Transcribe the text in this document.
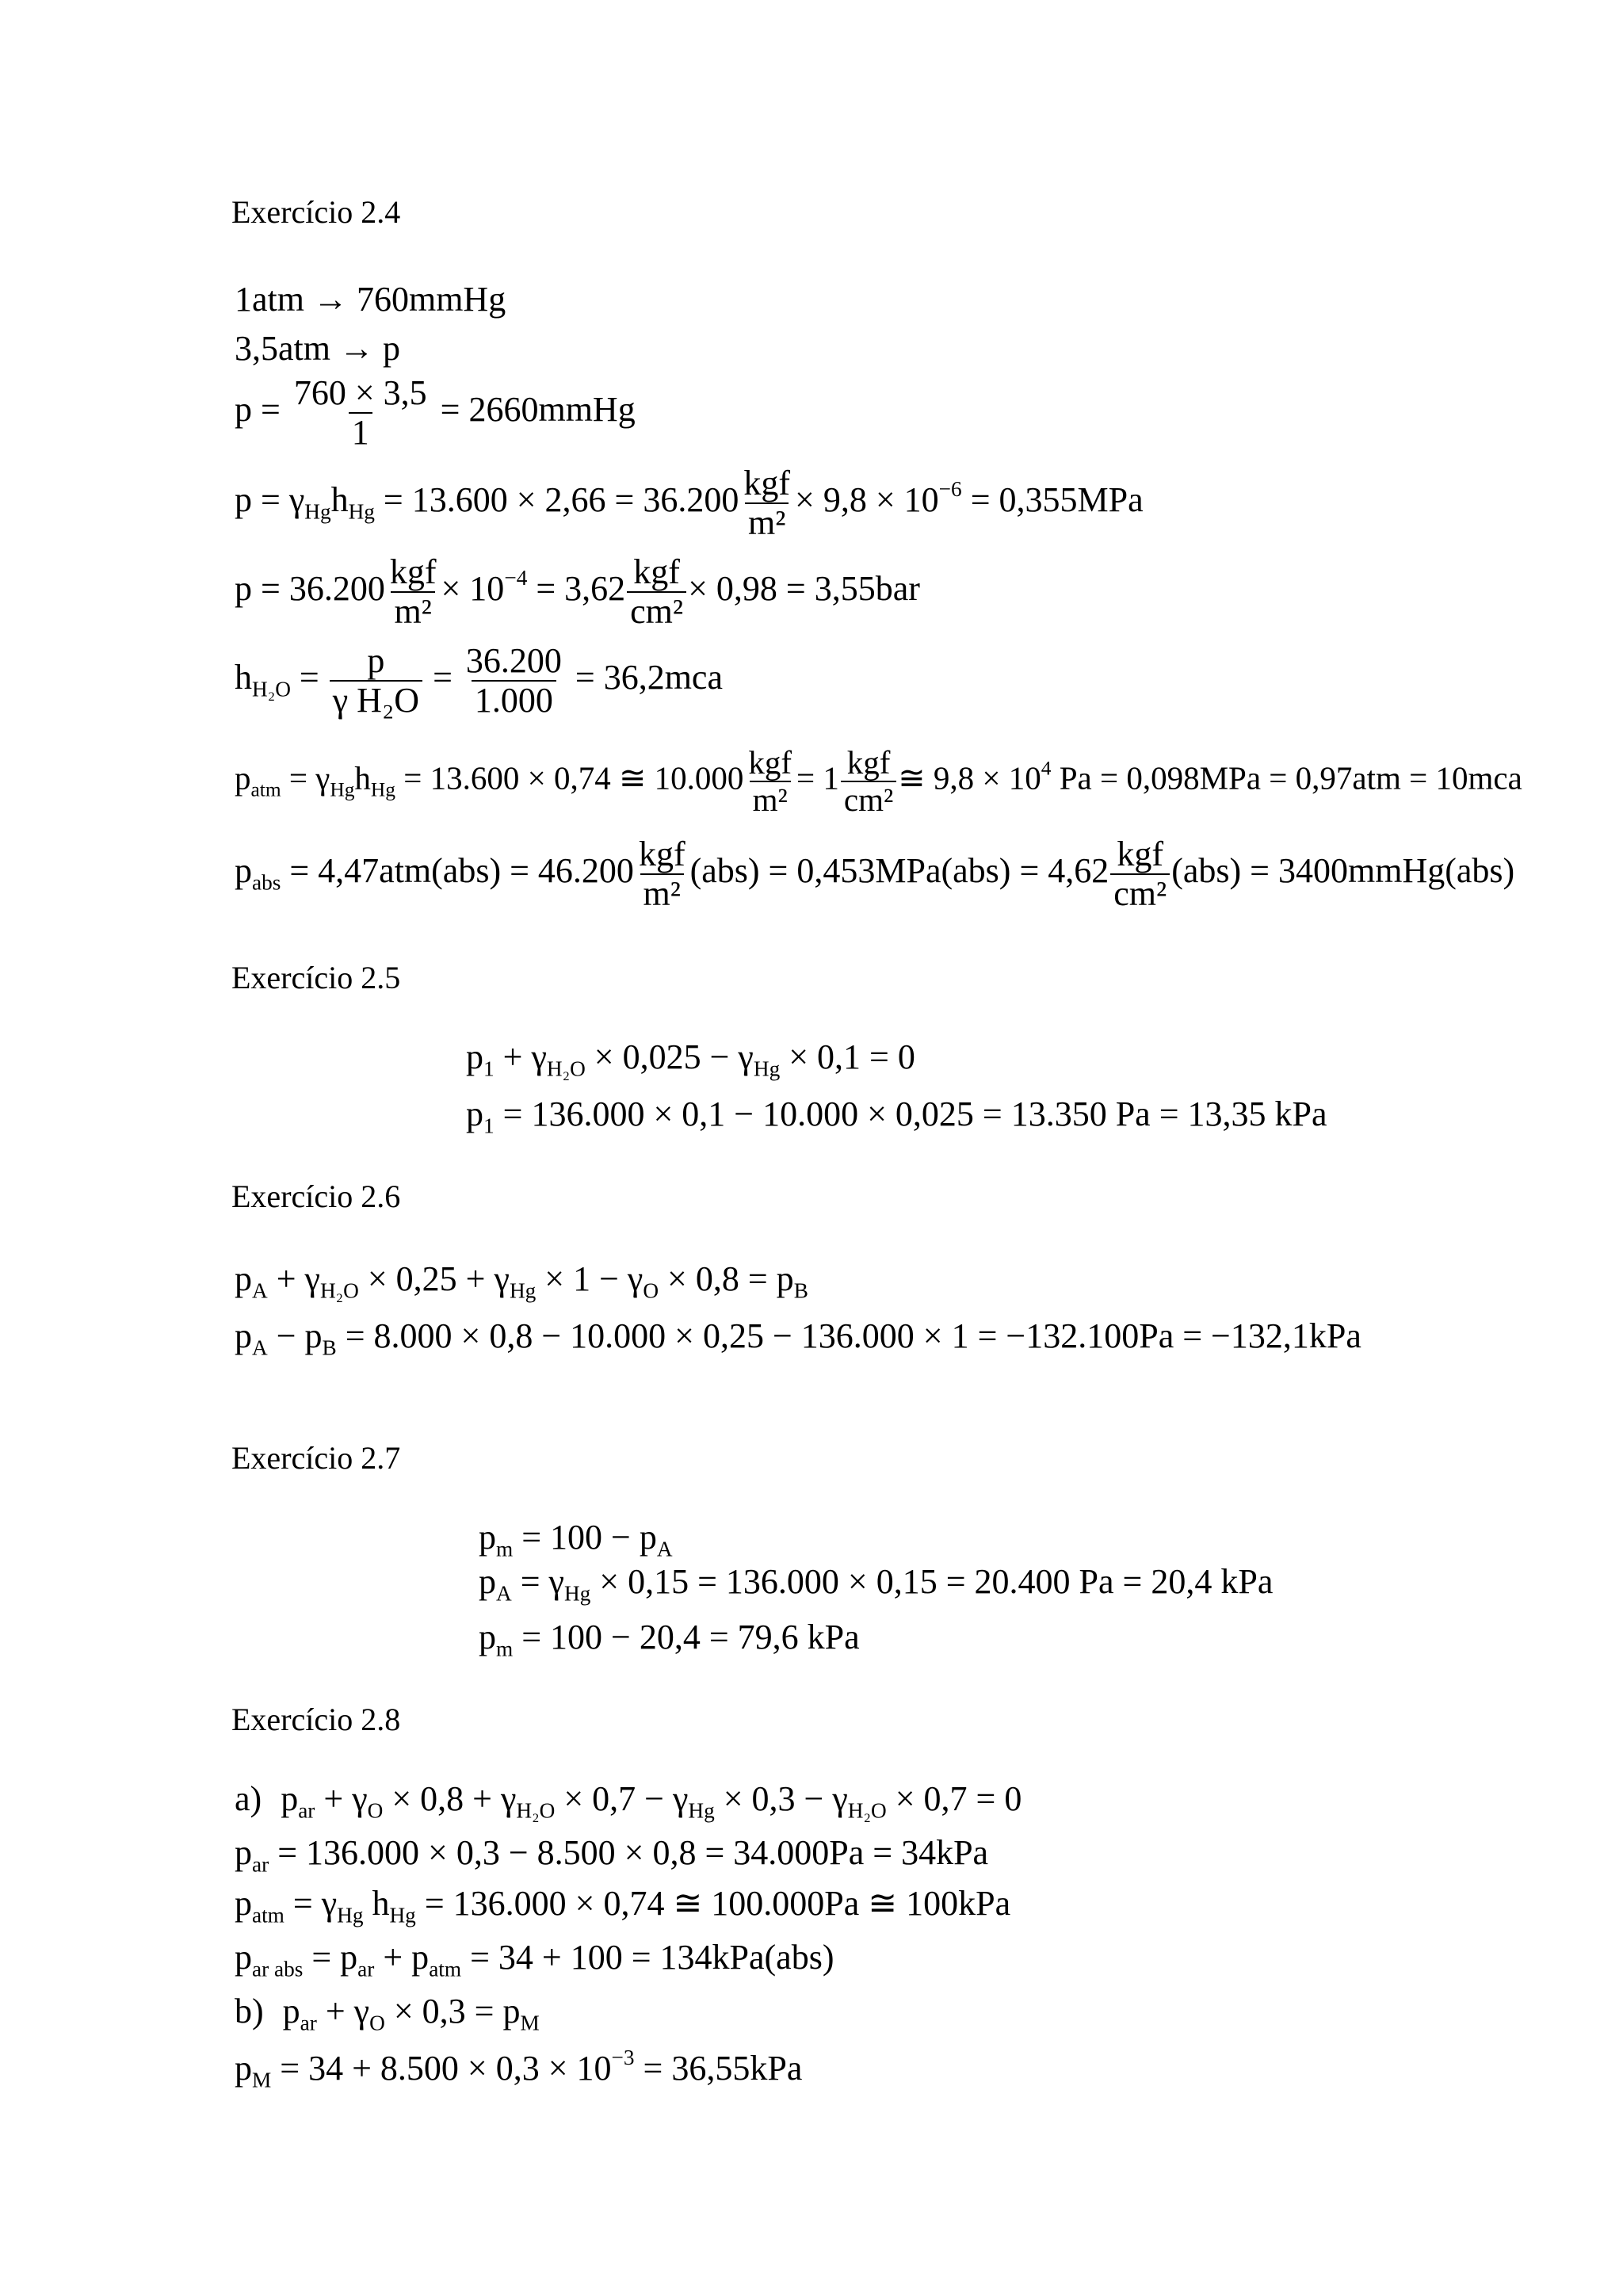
Exercício 2.4
1atm → 760mmHg
3,5atm → p
$p = \frac{760 \times 3,5}{1}$ = 2660mmHg
$p = \gamma_{Hg}h_{Hg} = 13.600 \times 2,66 = 36.200 \frac{\text{kgf}}{\text{m²}} \times 9,8 \times 10^{-6} = 0,355MPa$
$p = 36.200 \frac{\text{kgf}}{\text{m²}} \times 10^{-4} = 3,62 \frac{\text{kgf}}{\text{cm²}} \times 0,98 = 3,55bar$
$h_{H_2O} = \frac{p}{\text{γ H₂O}} = \frac{36.200}{1.000} = 36,2mca$
$p_{atm} = \gamma_{Hg}h_{Hg} = 13.600 \times 0,74$ ≅ $10.000 \frac{\text{kgf}}{\text{m²}} = 1 \frac{\text{kgf}}{\text{cm²}}$ ≅ $9,8 \times 10^4$ Pa = 0,098MPa = 0,97atm = 10mca
$p_{abs} = 4,47atm(abs) = 46.200 \frac{\text{kgf}}{\text{m²}} (abs) = 0,453MPa(abs) = 4,62 \frac{\text{kgf}}{\text{cm²}} (abs)$ = 3400mmHg(abs)
Exercício 2.5
$p_1 + \gamma_{H_2O} \times 0,025 - \gamma_{Hg} \times 0,1 = 0$
$p_1 = 136.000 \times 0,1 - 10.000 \times 0,025 = 13.350$ Pa = 13,35 kPa
Exercício 2.6
$p_A + \gamma_{H_2O} \times 0,25 + \gamma_{Hg} \times 1 - \gamma_O \times 0,8 = p_B$
$p_A - p_B = 8.000 \times 0,8 - 10.000 \times 0,25 - 136.000 \times 1 = -132.100Pa = -132,1kPa$
Exercício 2.7
$p_m = 100 - p_A$
$p_A = \gamma_{Hg} \times 0,15 = 136.000 \times 0,15 = 20.400$ Pa = 20,4 kPa
$p_m = 100 - 20,4 = 79,6$ kPa
Exercício 2.8
a) $p_{ar} + \gamma_O \times 0,8 + \gamma_{H_2O} \times 0,7 - \gamma_{Hg} \times 0,3 - \gamma_{H_2O} \times 0,7 = 0$
$p_{ar} = 136.000 \times 0,3 - 8.500 \times 0,8 = 34.000Pa = 34kPa$
$p_{atm} = \gamma_{Hg}$ $h_{Hg} = 136.000 \times 0,74$ ≅ 100.000Pa ≅ 100kPa
$p_{ar abs} = p_{ar} + p_{atm} = 34 + 100 = 134kPa(abs)$
b) $p_{ar} + \gamma_O \times 0,3 = p_M$
$p_M = 34 + 8.500 \times 0,3 \times 10^{-3} = 36,55kPa$
